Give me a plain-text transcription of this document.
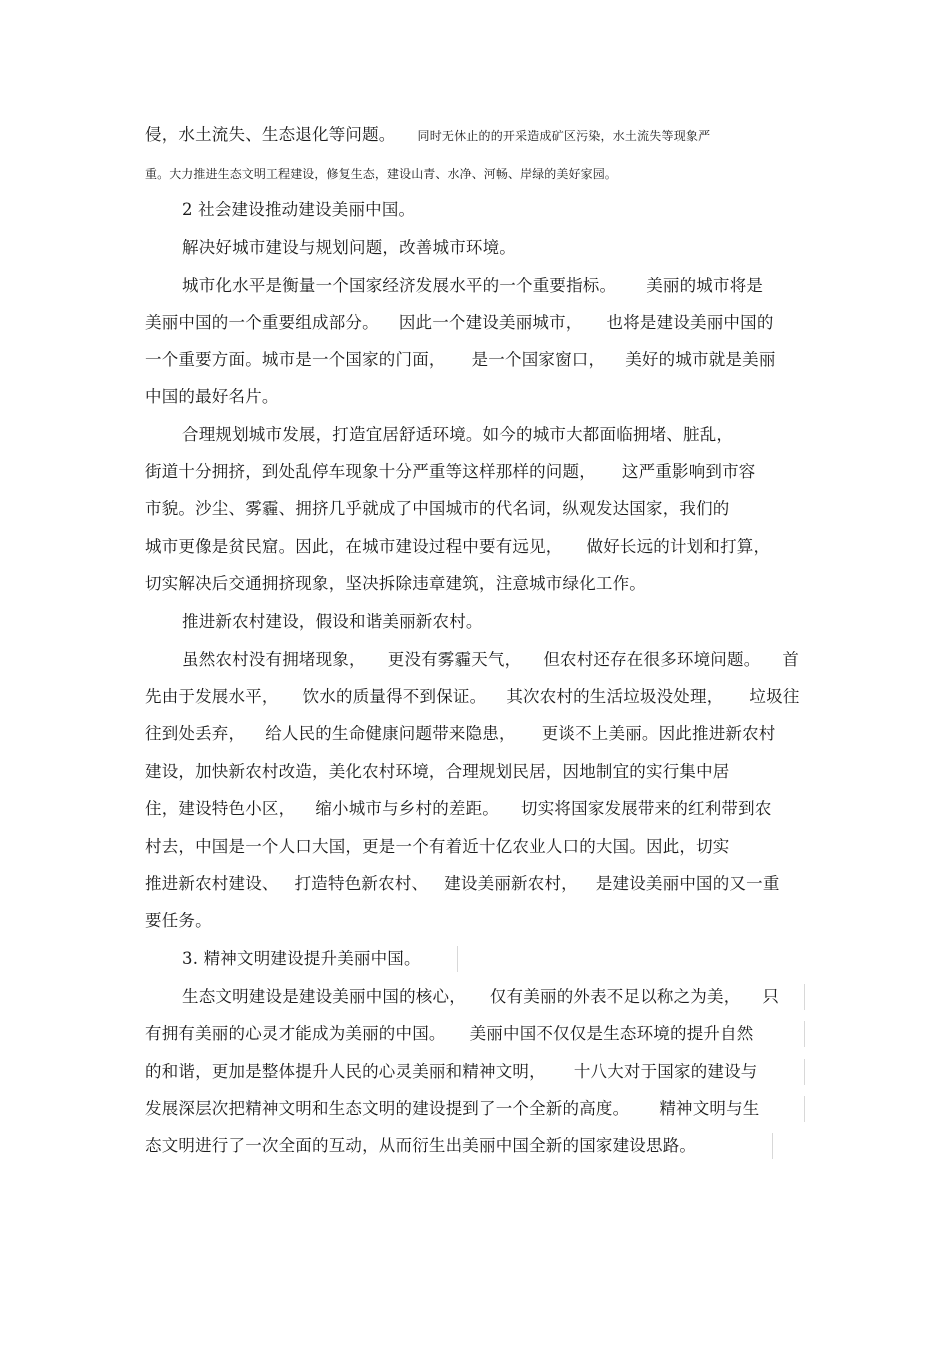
侵，水土流失、生态退化等问题。 同时无休止的的开采造成矿区污染，水土流失等现象严
重。大力推进生态文明工程建设，修复生态，建设山青、水净、河畅、岸绿的美好家园。
2 社会建设推动建设美丽中国。
解决好城市建设与规划问题，改善城市环境。
城市化水平是衡量一个国家经济发展水平的一个重要指标。 美丽的城市将是
美丽中国的一个重要组成部分。 因此一个建设美丽城市， 也将是建设美丽中国的
一个重要方面。城市是一个国家的门面， 是一个国家窗口， 美好的城市就是美丽
中国的最好名片。
合理规划城市发展，打造宜居舒适环境。如今的城市大都面临拥堵、脏乱，
街道十分拥挤，到处乱停车现象十分严重等这样那样的问题， 这严重影响到市容
市貌。沙尘、雾霾、拥挤几乎就成了中国城市的代名词，纵观发达国家，我们的
城市更像是贫民窟。因此，在城市建设过程中要有远见， 做好长远的计划和打算，
切实解决后交通拥挤现象，坚决拆除违章建筑，注意城市绿化工作。
推进新农村建设，假设和谐美丽新农村。
虽然农村没有拥堵现象， 更没有雾霾天气， 但农村还存在很多环境问题。 首
先由于发展水平， 饮水的质量得不到保证。 其次农村的生活垃圾没处理， 垃圾往
往到处丢弃， 给人民的生命健康问题带来隐患， 更谈不上美丽。因此推进新农村
建设，加快新农村改造，美化农村环境，合理规划民居，因地制宜的实行集中居
住，建设特色小区， 缩小城市与乡村的差距。 切实将国家发展带来的红利带到农
村去，中国是一个人口大国，更是一个有着近十亿农业人口的大国。因此，切实
推进新农村建设、 打造特色新农村、 建设美丽新农村， 是建设美丽中国的又一重
要任务。
3. 精神文明建设提升美丽中国。
生态文明建设是建设美丽中国的核心， 仅有美丽的外表不足以称之为美， 只
有拥有美丽的心灵才能成为美丽的中国。 美丽中国不仅仅是生态环境的提升自然
的和谐，更加是整体提升人民的心灵美丽和精神文明， 十八大对于国家的建设与
发展深层次把精神文明和生态文明的建设提到了一个全新的高度。 精神文明与生
态文明进行了一次全面的互动，从而衍生出美丽中国全新的国家建设思路。
